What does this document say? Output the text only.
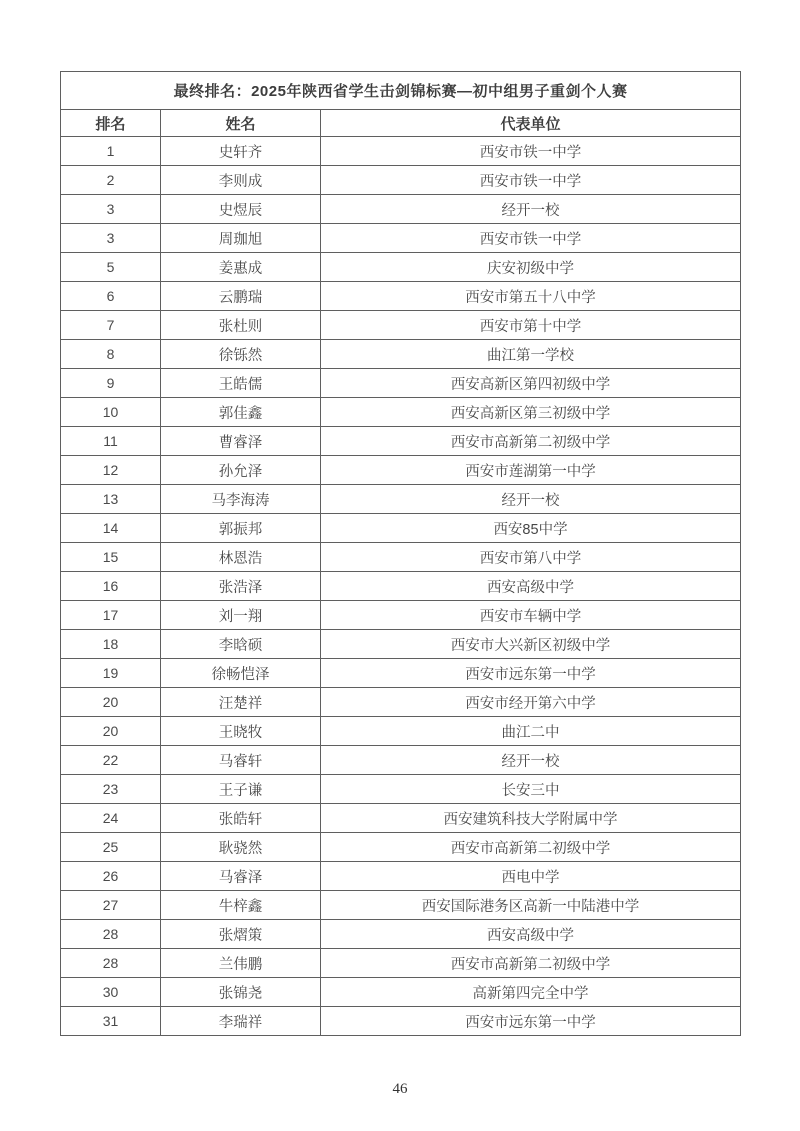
最终排名：2025年陕西省学生击剑锦标赛—初中组男子重剑个人赛		
排名	姓名	代表单位
1	史轩齐	西安市铁一中学
2	李则成	西安市铁一中学
3	史煜辰	经开一校
3	周珈旭	西安市铁一中学
5	姜惠成	庆安初级中学
6	云鹏瑞	西安市第五十八中学
7	张杜则	西安市第十中学
8	徐铄然	曲江第一学校
9	王皓儒	西安高新区第四初级中学
10	郭佳鑫	西安高新区第三初级中学
11	曹睿泽	西安市高新第二初级中学
12	孙允泽	西安市莲湖第一中学
13	马李海涛	经开一校
14	郭振邦	西安85中学
15	林恩浩	西安市第八中学
16	张浩泽	西安高级中学
17	刘一翔	西安市车辆中学
18	李晗硕	西安市大兴新区初级中学
19	徐畅恺泽	西安市远东第一中学
20	汪楚祥	西安市经开第六中学
20	王晓牧	曲江二中
22	马睿轩	经开一校
23	王子谦	长安三中
24	张皓轩	西安建筑科技大学附属中学
25	耿骁然	西安市高新第二初级中学
26	马睿泽	西电中学
27	牛梓鑫	西安国际港务区高新一中陆港中学
28	张熠策	西安高级中学
28	兰伟鹏	西安市高新第二初级中学
30	张锦尧	高新第四完全中学
31	李瑞祥	西安市远东第一中学
46
